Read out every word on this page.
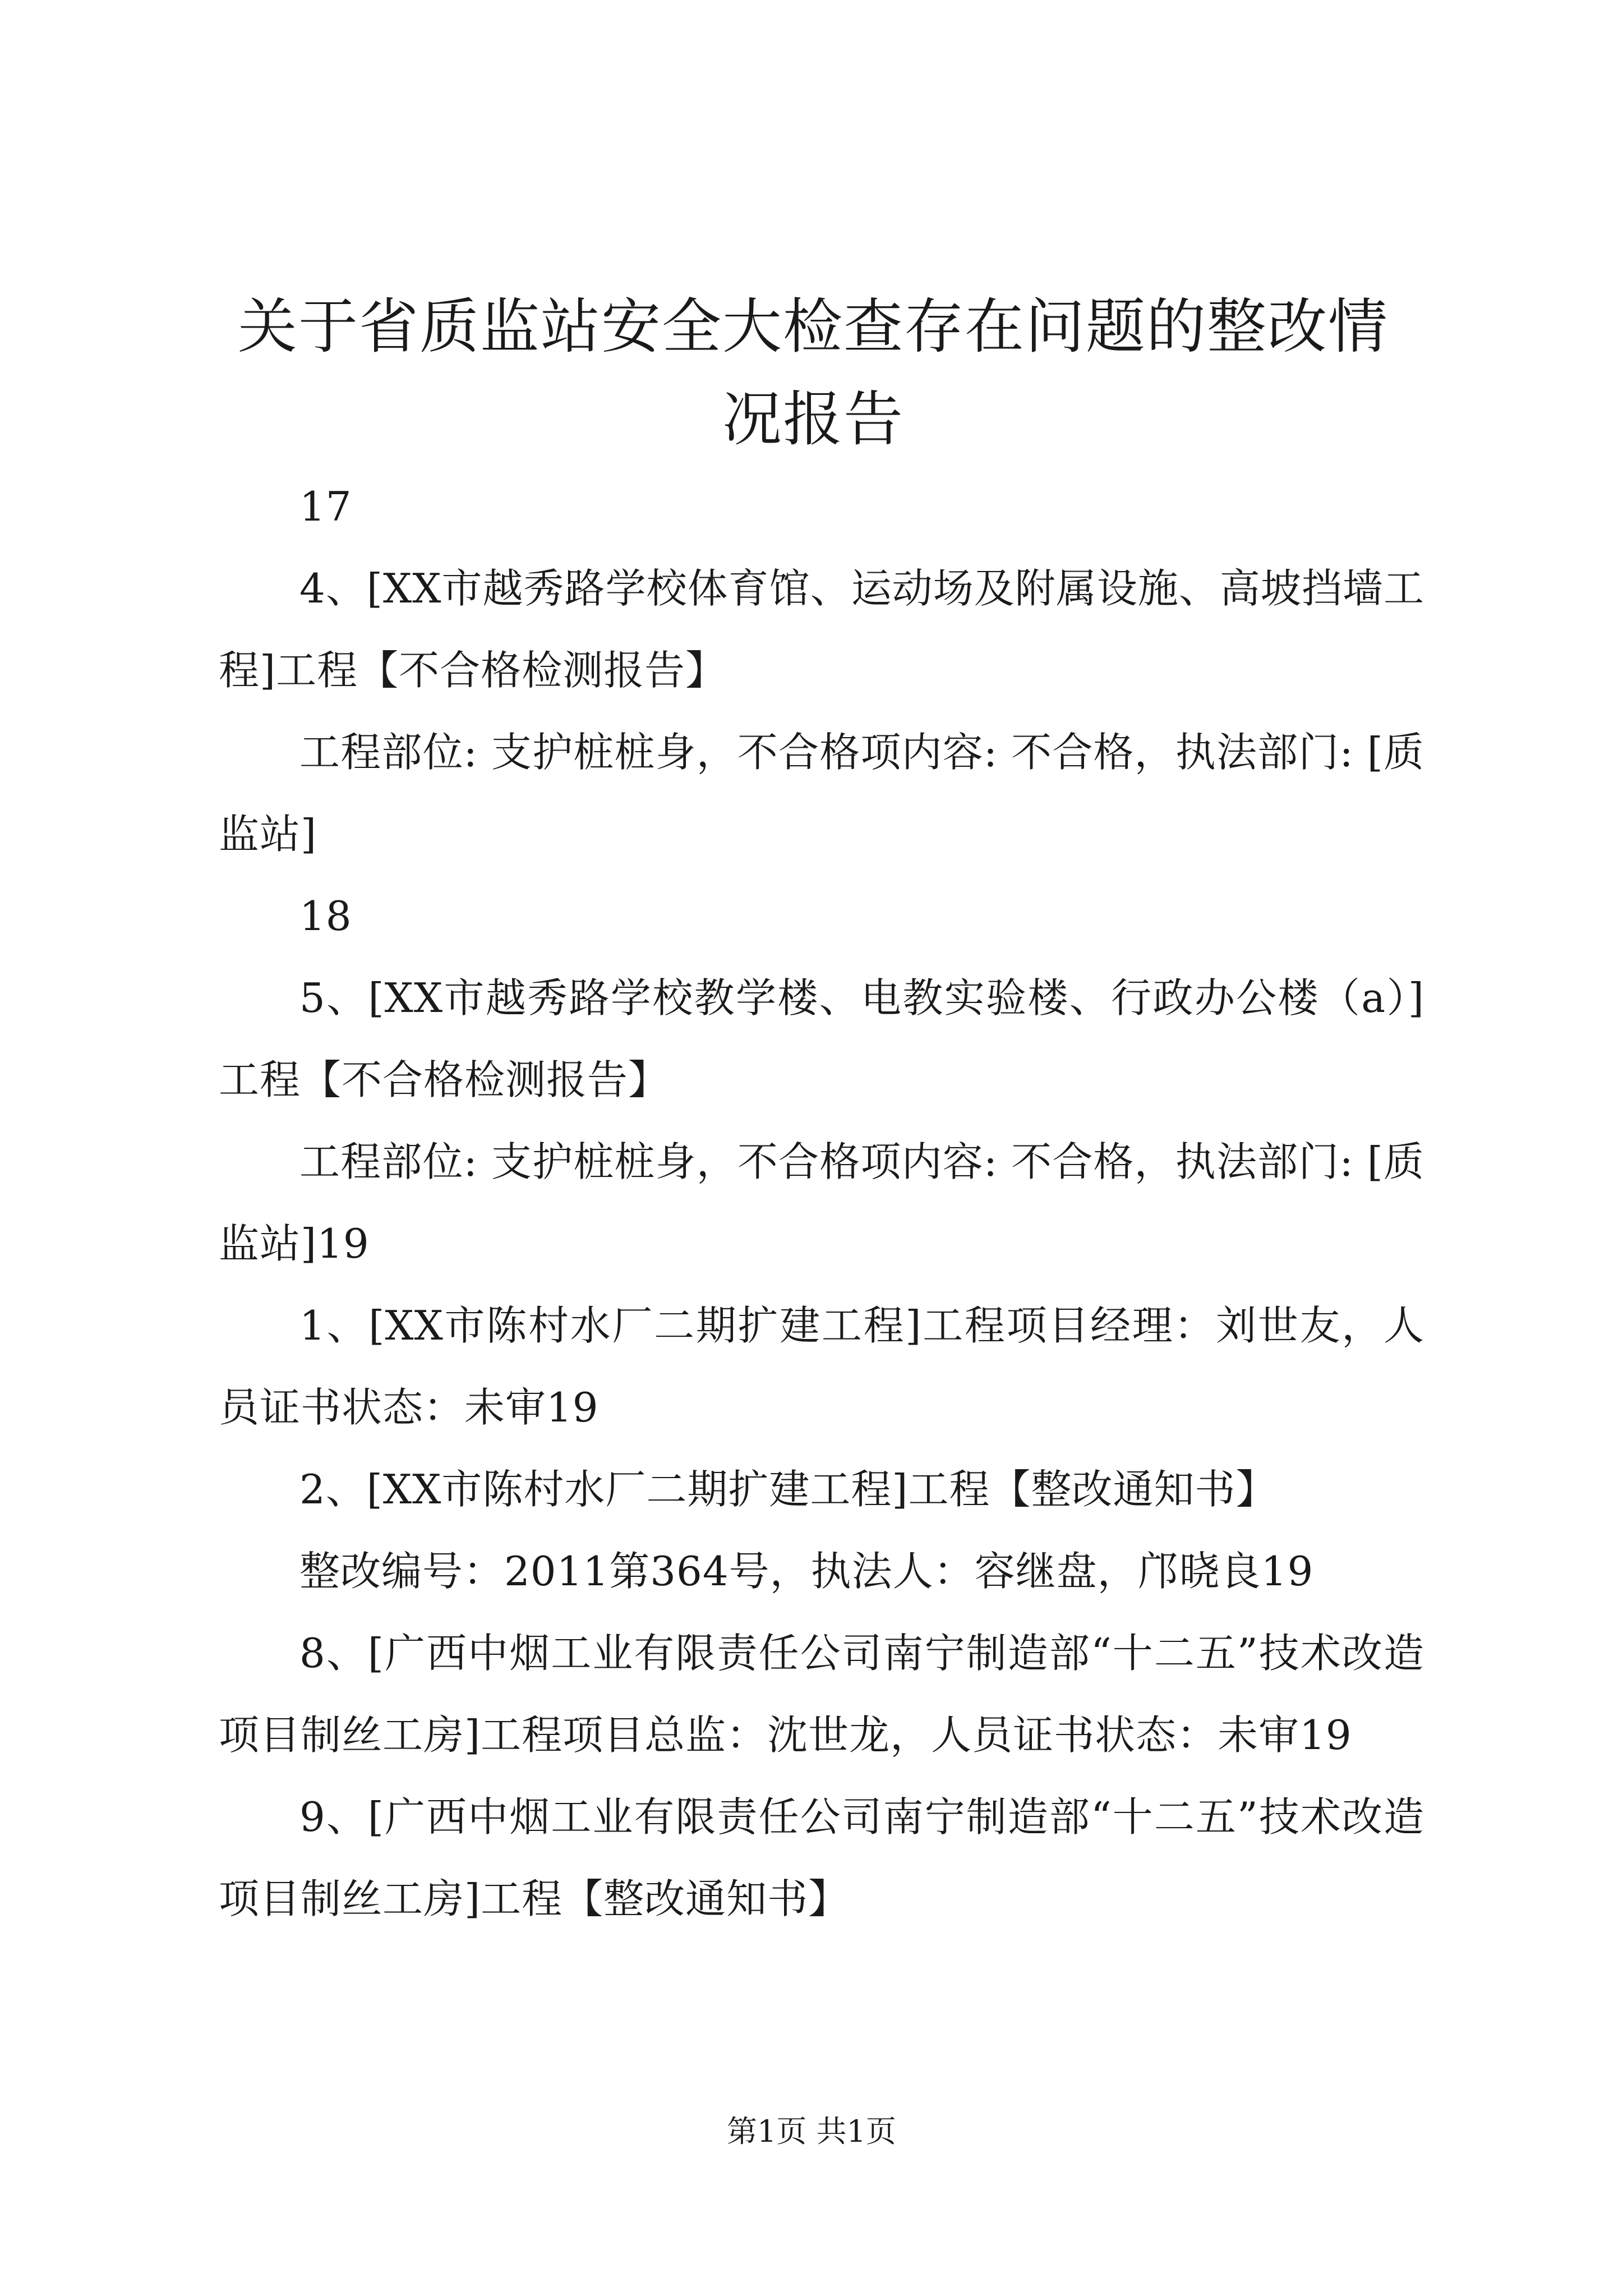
关于省质监站安全大检查存在问题的整改情况报告

17

4、[XX市越秀路学校体育馆、运动场及附属设施、高坡挡墙工程]工程【不合格检测报告】

工程部位: 支护桩桩身，不合格项内容: 不合格，执法部门: [质监站]

18

5、[XX市越秀路学校教学楼、电教实验楼、行政办公楼（a）]工程【不合格检测报告】

工程部位: 支护桩桩身，不合格项内容: 不合格，执法部门: [质监站]19

1、[XX市陈村水厂二期扩建工程]工程项目经理：刘世友，人员证书状态：未审19

2、[XX市陈村水厂二期扩建工程]工程【整改通知书】

整改编号：2011第364号，执法人：容继盘，邝晓良19

8、[广西中烟工业有限责任公司南宁制造部“十二五”技术改造项目制丝工房]工程项目总监：沈世龙，人员证书状态：未审19

9、[广西中烟工业有限责任公司南宁制造部“十二五”技术改造项目制丝工房]工程【整改通知书】

第1页 共1页
